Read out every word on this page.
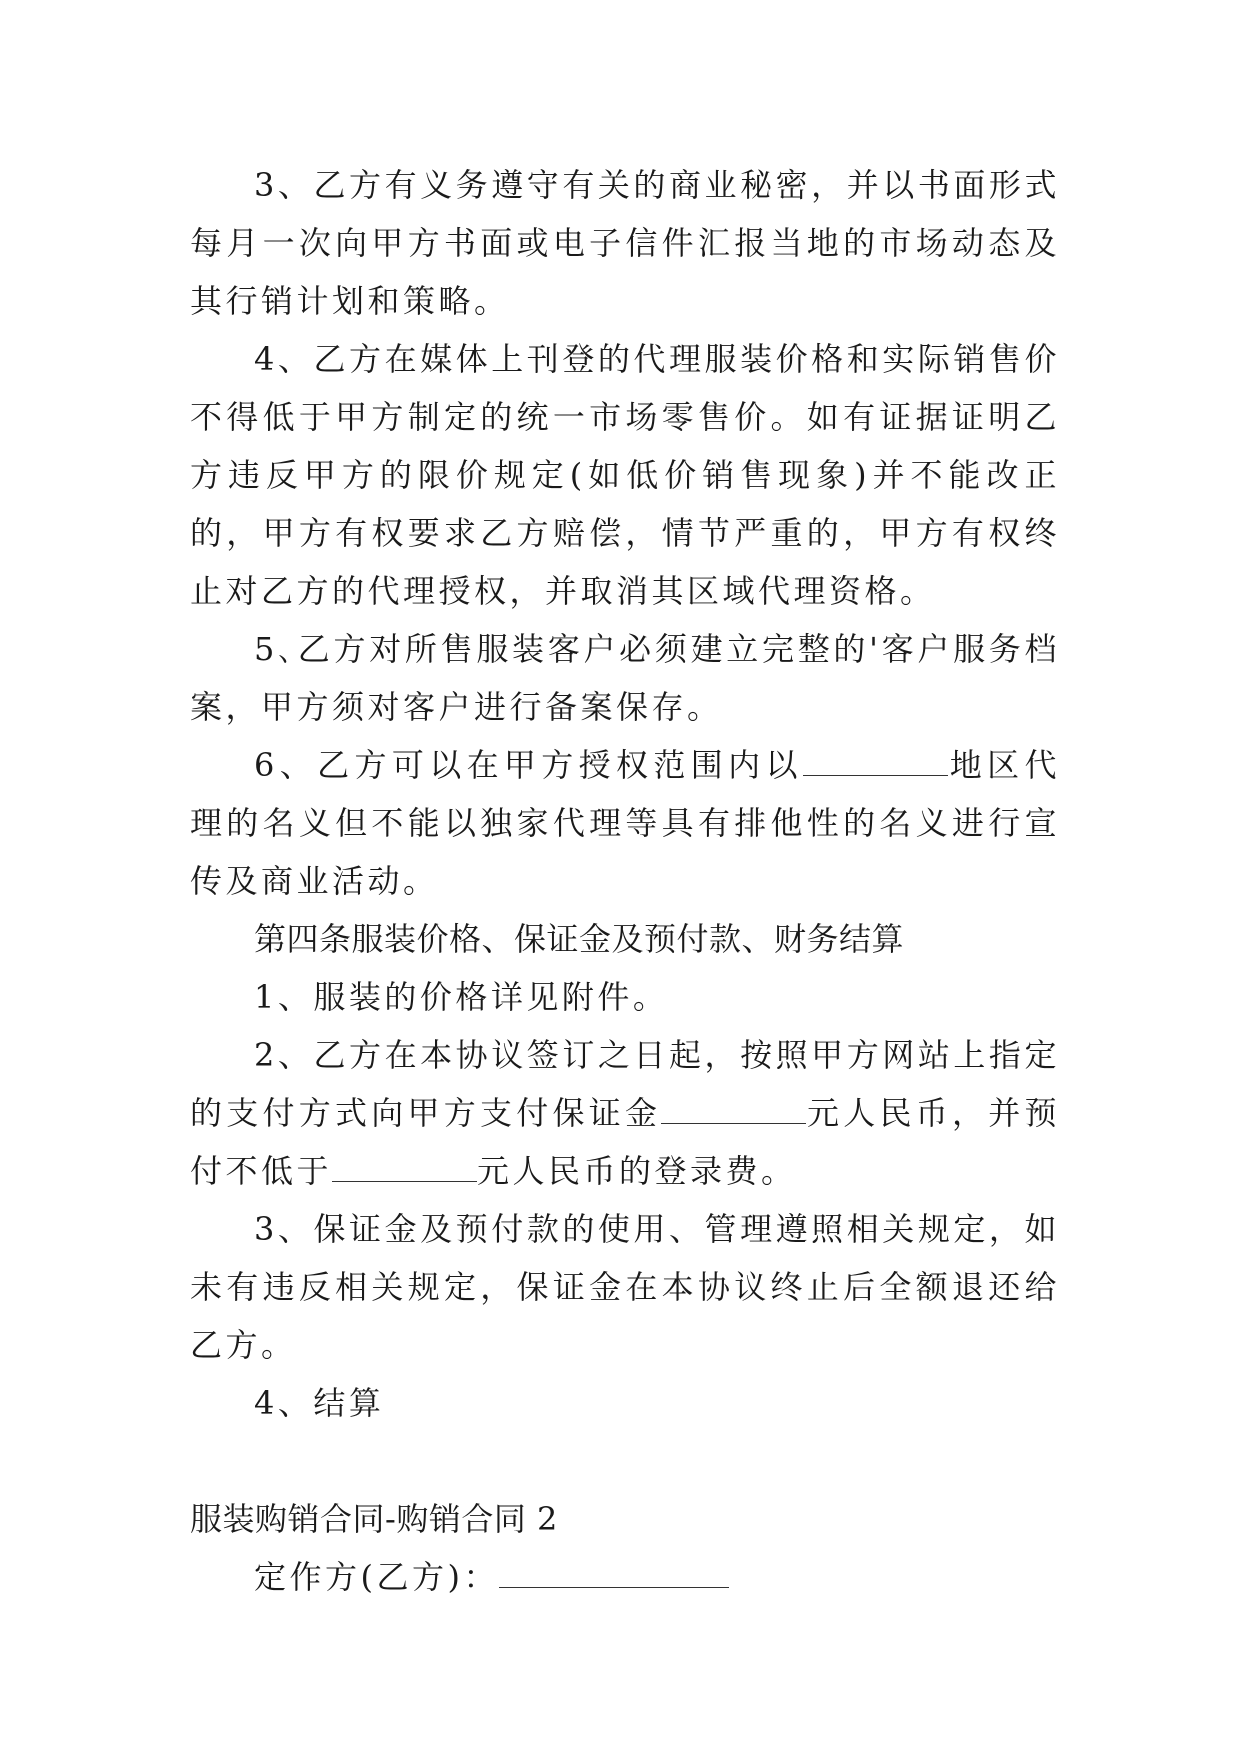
3、乙方有义务遵守有关的商业秘密，并以书面形式每月一次向甲方书面或电子信件汇报当地的市场动态及其行销计划和策略。

4、乙方在媒体上刊登的代理服装价格和实际销售价不得低于甲方制定的统一市场零售价。如有证据证明乙方违反甲方的限价规定(如低价销售现象)并不能改正的，甲方有权要求乙方赔偿，情节严重的，甲方有权终止对乙方的代理授权，并取消其区域代理资格。

5､乙方对所售服装客户必须建立完整的'客户服务档案，甲方须对客户进行备案保存。

6、乙方可以在甲方授权范围内以	地区代理的名义但不能以独家代理等具有排他性的名义进行宣传及商业活动。

第四条服装价格、保证金及预付款、财务结算

1、服装的价格详见附件。

2、乙方在本协议签订之日起，按照甲方网站上指定的支付方式向甲方支付保证金	元人民币，并预付不低于	元人民币的登录费。

3、保证金及预付款的使用、管理遵照相关规定，如未有违反相关规定，保证金在本协议终止后全额退还给乙方。

4、结算

服装购销合同-购销合同 2

定作方(乙方)：
